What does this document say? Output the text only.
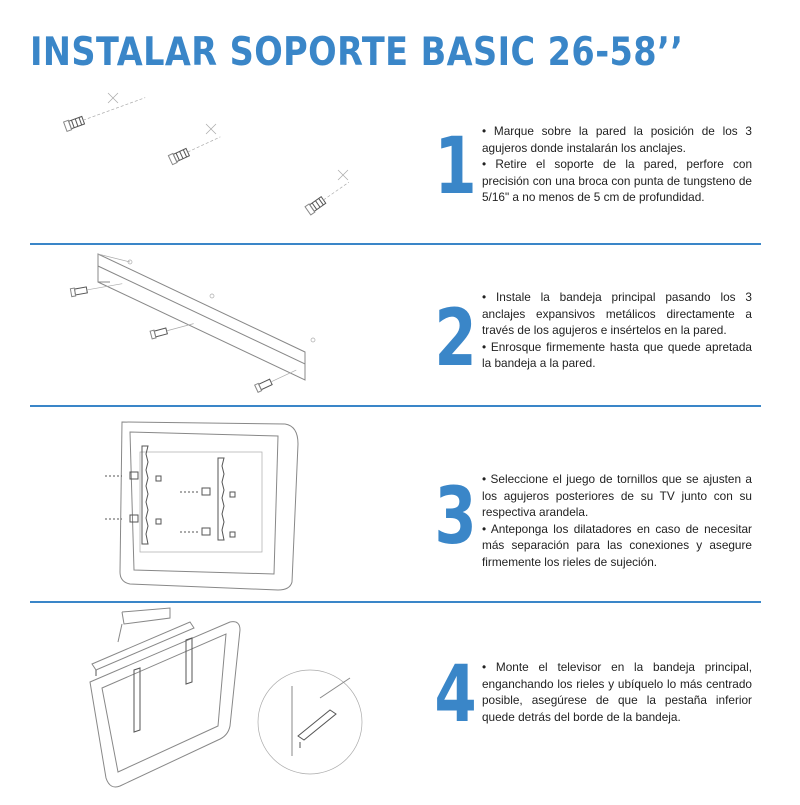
INSTALAR SOPORTE BASIC 26-58’’
1 • Marque sobre la pared la posición de los 3 agujeros donde instalarán los anclajes.

• Retire el soporte de la pared, perfore con precisión con una broca con punta de tungsteno de 5/16" a no menos de 5 cm de profundidad.

2 • Instale la bandeja principal pasando los 3 anclajes expansivos metálicos directamente a través de los agujeros e insértelos en la pared.

• Enrosque firmemente hasta que quede apretada la bandeja a la pared.

3 • Seleccione el juego de tornillos que se ajusten a los agujeros posteriores de su TV junto con su respectiva arandela.

• Anteponga los dilatadores en caso de necesitar más separación para las conexiones y asegure firmemente los rieles de sujeción.

4 • Monte el televisor en la bandeja principal, enganchando los rieles y ubíquelo lo más centrado posible, asegúrese de que la pestaña inferior quede detrás del borde de la bandeja.
